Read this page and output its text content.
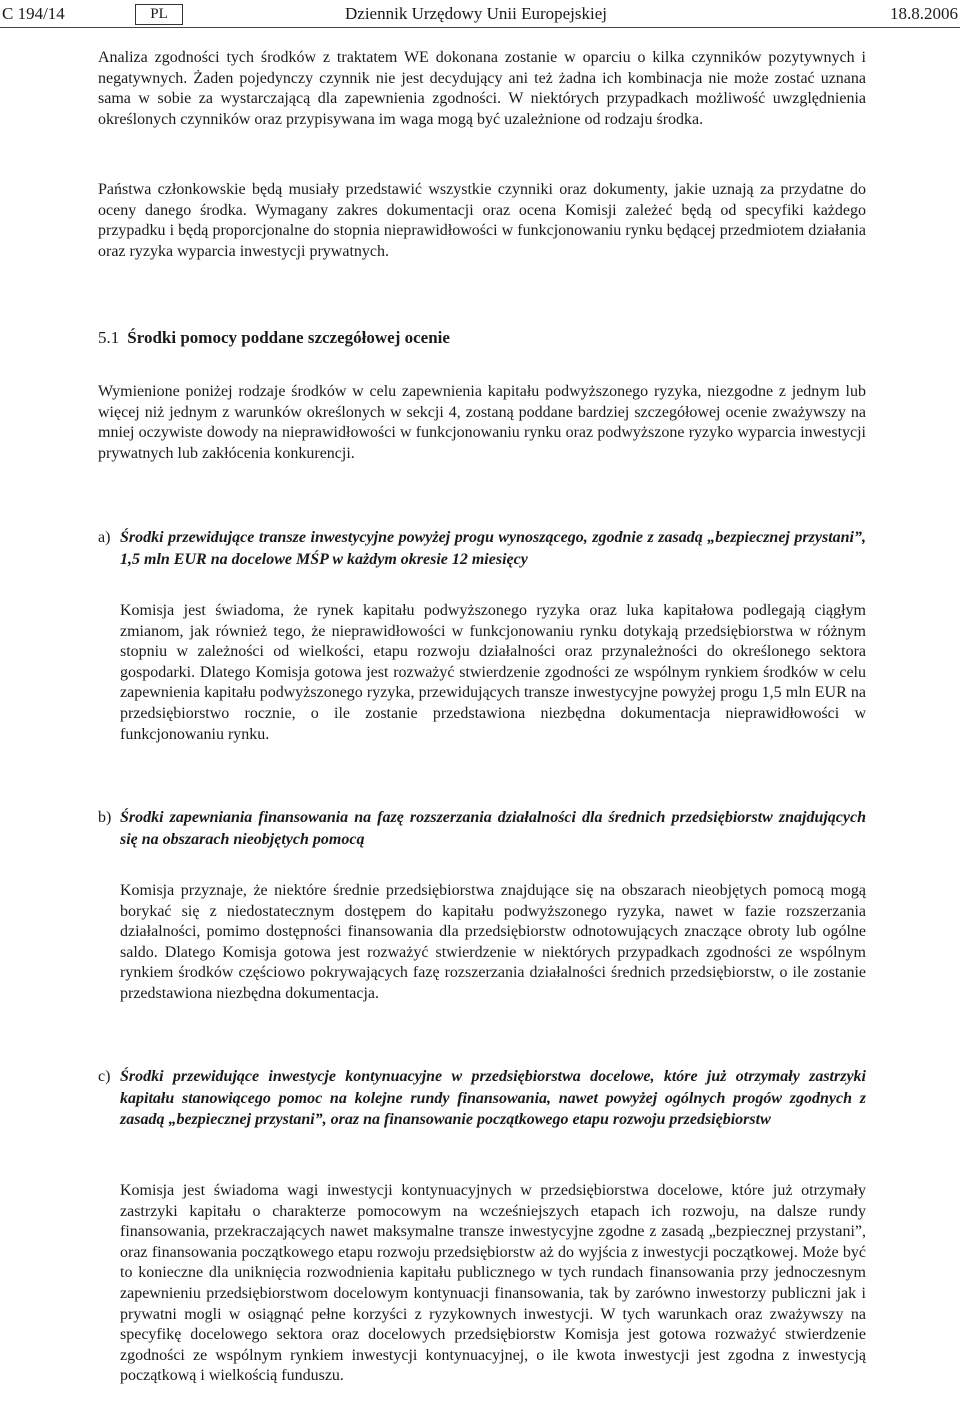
C 194/14	PL	Dziennik Urzędowy Unii Europejskiej	18.8.2006

Analiza zgodności tych środków z traktatem WE dokonana zostanie w oparciu o kilka czynników pozytywnych i negatywnych. Żaden pojedynczy czynnik nie jest decydujący ani też żadna ich kombinacja nie może zostać uznana sama w sobie za wystarczającą dla zapewnienia zgodności. W niektórych przypadkach możliwość uwzględnienia określonych czynników oraz przypisywana im waga mogą być uzależnione od rodzaju środka.

Państwa członkowskie będą musiały przedstawić wszystkie czynniki oraz dokumenty, jakie uznają za przydatne do oceny danego środka. Wymagany zakres dokumentacji oraz ocena Komisji zależeć będą od specyfiki każdego przypadku i będą proporcjonalne do stopnia nieprawidłowości w funkcjonowaniu rynku będącej przedmiotem działania oraz ryzyka wyparcia inwestycji prywatnych.

5.1 Środki pomocy poddane szczegółowej ocenie

Wymienione poniżej rodzaje środków w celu zapewnienia kapitału podwyższonego ryzyka, niezgodne z jednym lub więcej niż jednym z warunków określonych w sekcji 4, zostaną poddane bardziej szczegółowej ocenie zważywszy na mniej oczywiste dowody na nieprawidłowości w funkcjonowaniu rynku oraz podwyższone ryzyko wyparcia inwestycji prywatnych lub zakłócenia konkurencji.

a) Środki przewidujące transze inwestycyjne powyżej progu wynoszącego, zgodnie z zasadą „bezpiecznej przystani”, 1,5 mln EUR na docelowe MŚP w każdym okresie 12 miesięcy

Komisja jest świadoma, że rynek kapitału podwyższonego ryzyka oraz luka kapitałowa podlegają ciągłym zmianom, jak również tego, że nieprawidłowości w funkcjonowaniu rynku dotykają przedsiębiorstwa w różnym stopniu w zależności od wielkości, etapu rozwoju działalności oraz przynależności do określonego sektora gospodarki. Dlatego Komisja gotowa jest rozważyć stwierdzenie zgodności ze wspólnym rynkiem środków w celu zapewnienia kapitału podwyższonego ryzyka, przewidujących transze inwestycyjne powyżej progu 1,5 mln EUR na przedsiębiorstwo rocznie, o ile zostanie przedstawiona niezbędna dokumentacja nieprawidłowości w funkcjonowaniu rynku.

b) Środki zapewniania finansowania na fazę rozszerzania działalności dla średnich przedsiębiorstw znajdujących się na obszarach nieobjętych pomocą

Komisja przyznaje, że niektóre średnie przedsiębiorstwa znajdujące się na obszarach nieobjętych pomocą mogą borykać się z niedostatecznym dostępem do kapitału podwyższonego ryzyka, nawet w fazie rozszerzania działalności, pomimo dostępności finansowania dla przedsiębiorstw odnotowujących znaczące obroty lub ogólne saldo. Dlatego Komisja gotowa jest rozważyć stwierdzenie w niektórych przypadkach zgodności ze wspólnym rynkiem środków częściowo pokrywających fazę rozszerzania działalności średnich przedsiębiorstw, o ile zostanie przedstawiona niezbędna dokumentacja.

c) Środki przewidujące inwestycje kontynuacyjne w przedsiębiorstwa docelowe, które już otrzymały zastrzyki kapitału stanowiącego pomoc na kolejne rundy finansowania, nawet powyżej ogólnych progów zgodnych z zasadą „bezpiecznej przystani”, oraz na finansowanie początkowego etapu rozwoju przedsiębiorstw

Komisja jest świadoma wagi inwestycji kontynuacyjnych w przedsiębiorstwa docelowe, które już otrzymały zastrzyki kapitału o charakterze pomocowym na wcześniejszych etapach ich rozwoju, na dalsze rundy finansowania, przekraczających nawet maksymalne transze inwestycyjne zgodne z zasadą „bezpiecznej przystani”, oraz finansowania początkowego etapu rozwoju przedsiębiorstw aż do wyjścia z inwestycji początkowej. Może być to konieczne dla uniknięcia rozwodnienia kapitału publicznego w tych rundach finansowania przy jednoczesnym zapewnieniu przedsiębiorstwom docelowym kontynuacji finansowania, tak by zarówno inwestorzy publiczni jak i prywatni mogli w osiągnąć pełne korzyści z ryzykownych inwestycji. W tych warunkach oraz zważywszy na specyfikę docelowego sektora oraz docelowych przedsiębiorstw Komisja jest gotowa rozważyć stwierdzenie zgodności ze wspólnym rynkiem inwestycji kontynuacyjnej, o ile kwota inwestycji jest zgodna z inwestycją początkową i wielkością funduszu.
